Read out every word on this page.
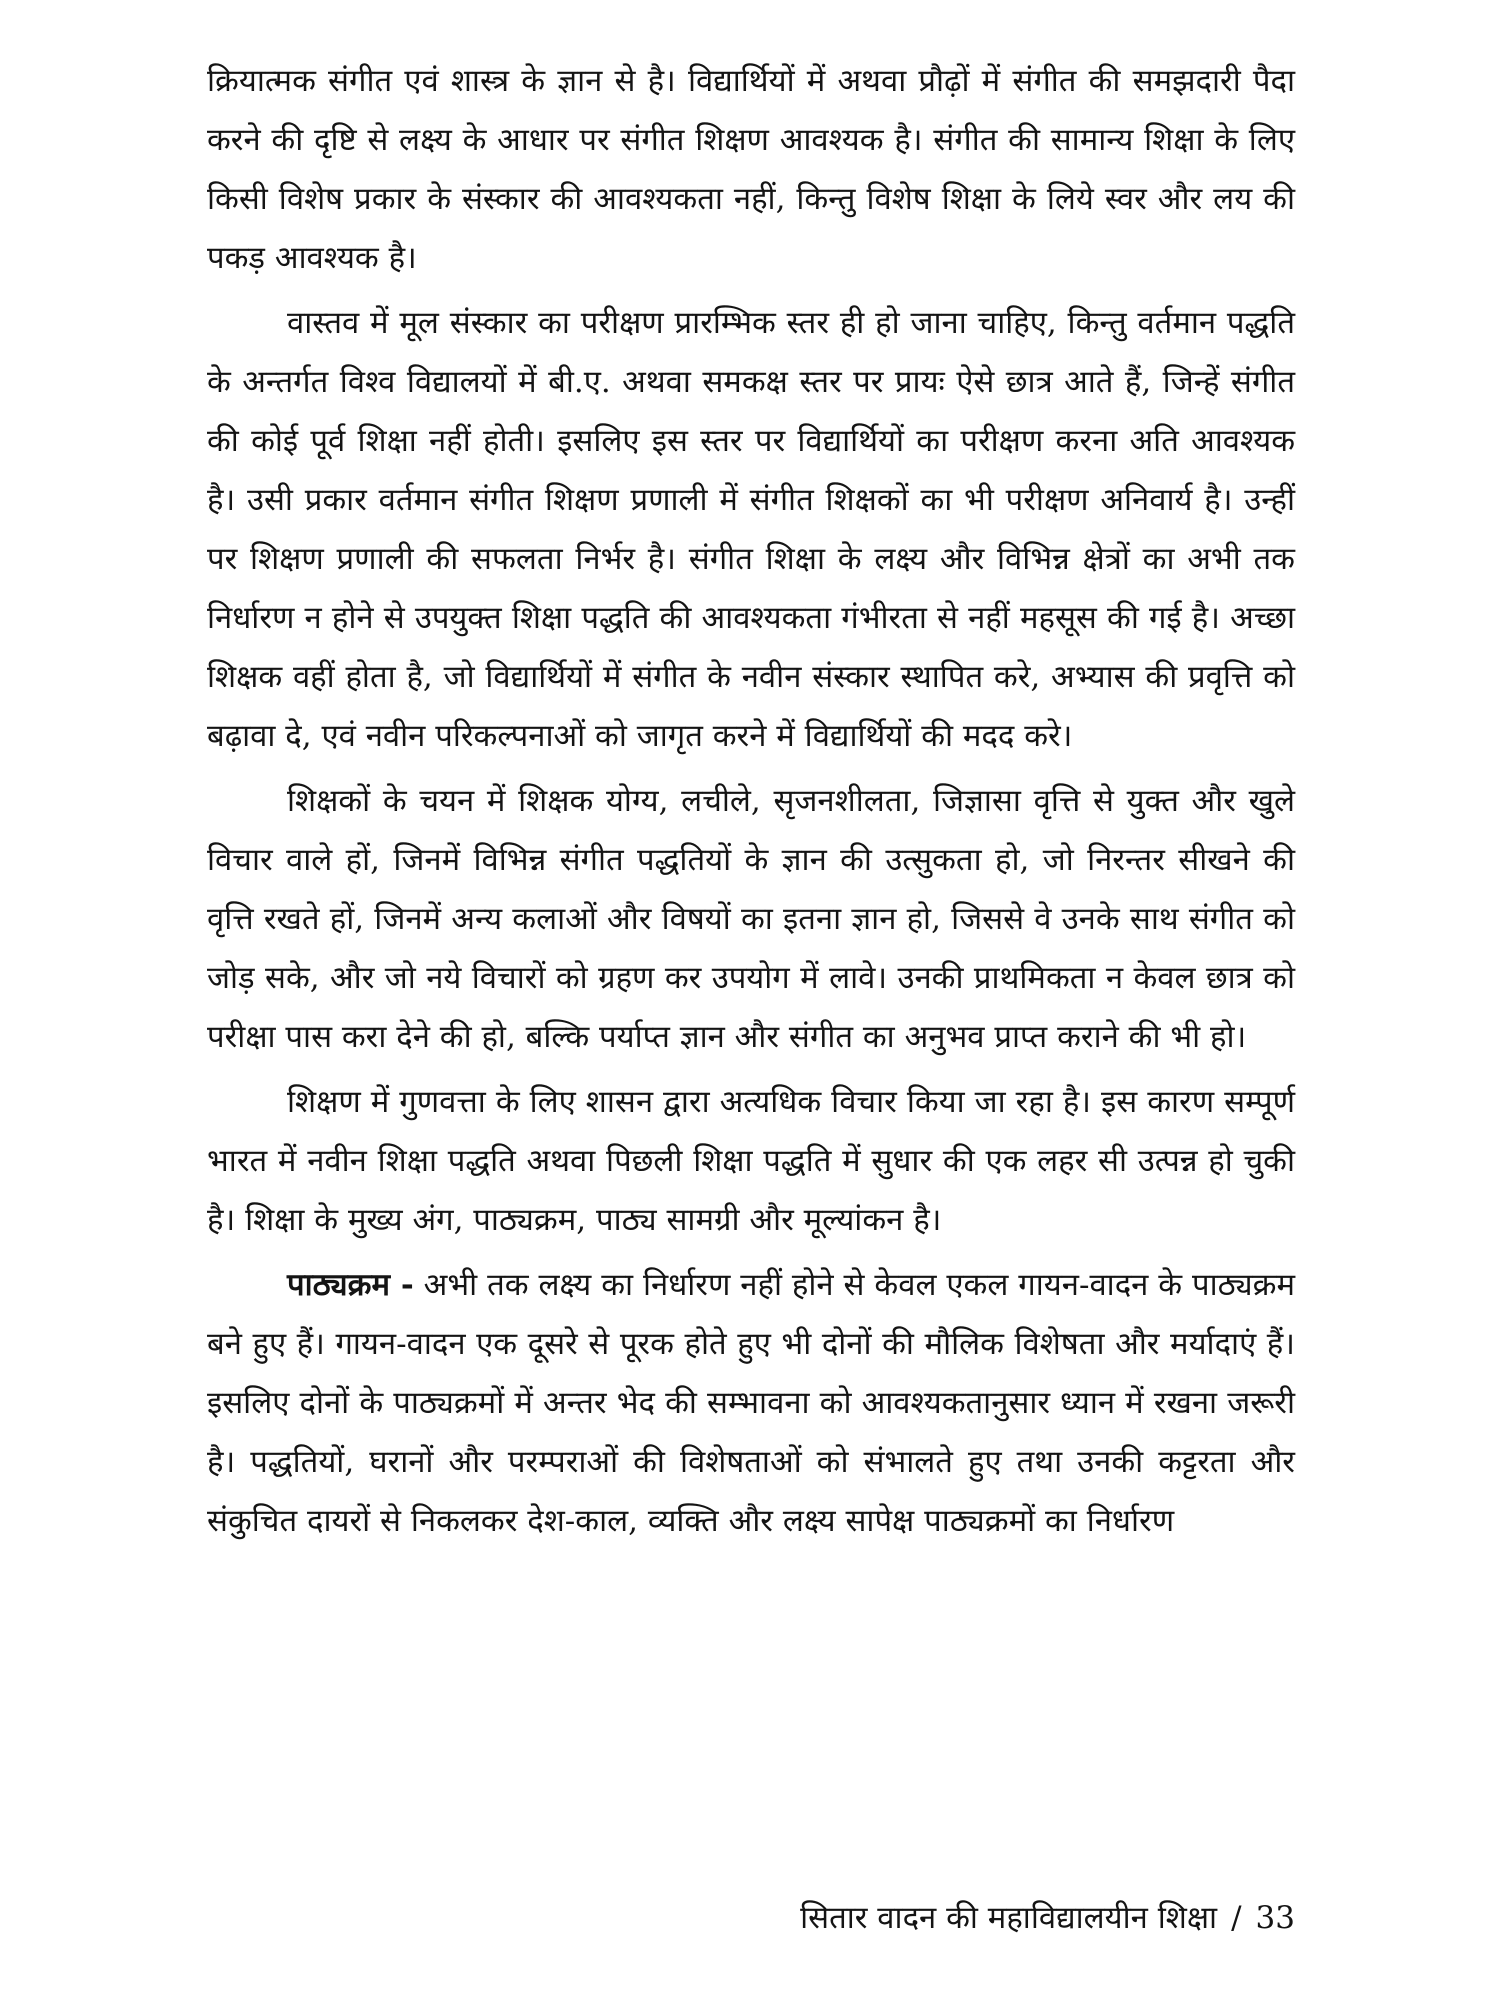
क्रियात्मक संगीत एवं शास्त्र के ज्ञान से है। विद्यार्थियों में अथवा प्रौढ़ों में संगीत की समझदारी पैदा करने की दृष्टि से लक्ष्य के आधार पर संगीत शिक्षण आवश्यक है। संगीत की सामान्य शिक्षा के लिए किसी विशेष प्रकार के संस्कार की आवश्यकता नहीं, किन्तु विशेष शिक्षा के लिये स्वर और लय की पकड़ आवश्यक है।

वास्तव में मूल संस्कार का परीक्षण प्रारम्भिक स्तर ही हो जाना चाहिए, किन्तु वर्तमान पद्धति के अन्तर्गत विश्व विद्यालयों में बी.ए. अथवा समकक्ष स्तर पर प्रायः ऐसे छात्र आते हैं, जिन्हें संगीत की कोई पूर्व शिक्षा नहीं होती। इसलिए इस स्तर पर विद्यार्थियों का परीक्षण करना अति आवश्यक है। उसी प्रकार वर्तमान संगीत शिक्षण प्रणाली में संगीत शिक्षकों का भी परीक्षण अनिवार्य है। उन्हीं पर शिक्षण प्रणाली की सफलता निर्भर है। संगीत शिक्षा के लक्ष्य और विभिन्न क्षेत्रों का अभी तक निर्धारण न होने से उपयुक्त शिक्षा पद्धति की आवश्यकता गंभीरता से नहीं महसूस की गई है। अच्छा शिक्षक वहीं होता है, जो विद्यार्थियों में संगीत के नवीन संस्कार स्थापित करे, अभ्यास की प्रवृत्ति को बढ़ावा दे, एवं नवीन परिकल्पनाओं को जागृत करने में विद्यार्थियों की मदद करे।

शिक्षकों के चयन में शिक्षक योग्य, लचीले, सृजनशीलता, जिज्ञासा वृत्ति से युक्त और खुले विचार वाले हों, जिनमें विभिन्न संगीत पद्धतियों के ज्ञान की उत्सुकता हो, जो निरन्तर सीखने की वृत्ति रखते हों, जिनमें अन्य कलाओं और विषयों का इतना ज्ञान हो, जिससे वे उनके साथ संगीत को जोड़ सके, और जो नये विचारों को ग्रहण कर उपयोग में लावे। उनकी प्राथमिकता न केवल छात्र को परीक्षा पास करा देने की हो, बल्कि पर्याप्त ज्ञान और संगीत का अनुभव प्राप्त कराने की भी हो।

शिक्षण में गुणवत्ता के लिए शासन द्वारा अत्यधिक विचार किया जा रहा है। इस कारण सम्पूर्ण भारत में नवीन शिक्षा पद्धति अथवा पिछली शिक्षा पद्धति में सुधार की एक लहर सी उत्पन्न हो चुकी है। शिक्षा के मुख्य अंग, पाठ्यक्रम, पाठ्य सामग्री और मूल्यांकन है।

पाठ्यक्रम - अभी तक लक्ष्य का निर्धारण नहीं होने से केवल एकल गायन-वादन के पाठ्यक्रम बने हुए हैं। गायन-वादन एक दूसरे से पूरक होते हुए भी दोनों की मौलिक विशेषता और मर्यादाएं हैं। इसलिए दोनों के पाठ्यक्रमों में अन्तर भेद की सम्भावना को आवश्यकतानुसार ध्यान में रखना जरूरी है। पद्धतियों, घरानों और परम्पराओं की विशेषताओं को संभालते हुए तथा उनकी कट्टरता और संकुचित दायरों से निकलकर देश-काल, व्यक्ति और लक्ष्य सापेक्ष पाठ्यक्रमों का निर्धारण

सितार वादन की महाविद्यालयीन शिक्षा / 33
